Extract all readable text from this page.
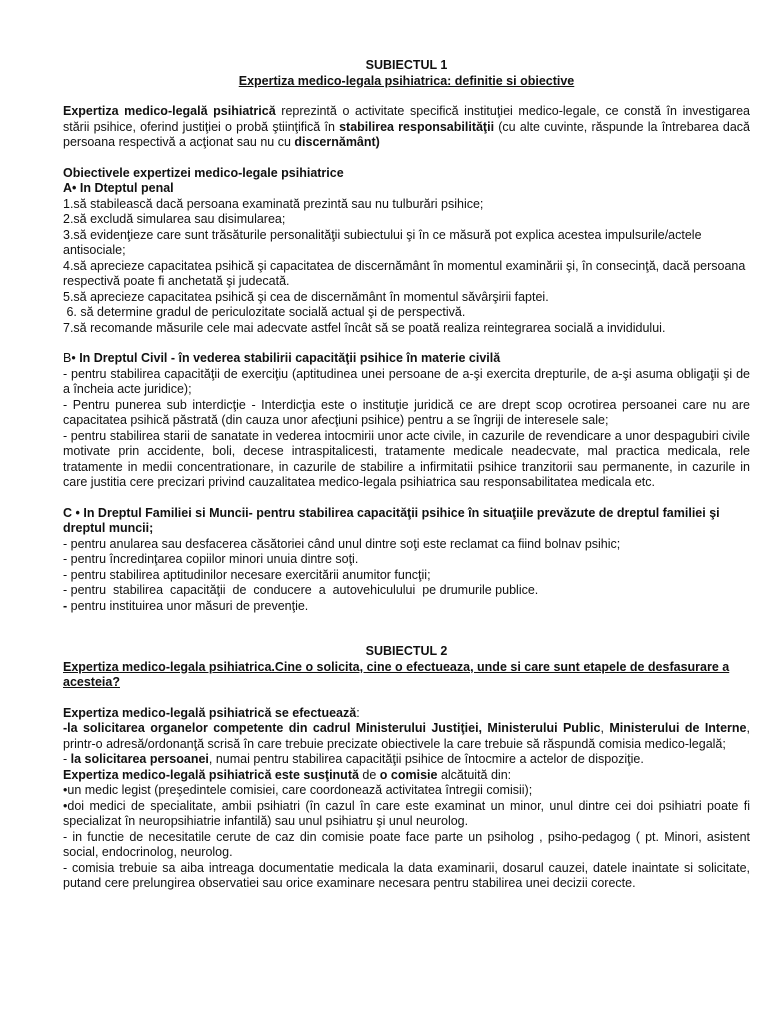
SUBIECTUL 1

Expertiza medico-legala psihiatrica: definitie si obiective

Expertiza medico-legală psihiatrică reprezintă o activitate specifică instituţiei medico-legale, ce constă în investigarea stării psihice, oferind justiţiei o probă ştiinţifică în stabilirea responsabilităţii (cu alte cuvinte, răspunde la întrebarea dacă persoana respectivă a acţionat sau nu cu discernământ)

Obiectivele expertizei medico-legale psihiatrice

A• In Dteptul penal

1.să stabilească dacă persoana examinată prezintă sau nu tulburări psihice;

2.să excludă simularea sau disimularea;

3.să evidenţieze care sunt trăsăturile personalităţii subiectului şi în ce măsură pot explica acestea impulsurile/actele antisociale;

4.să aprecieze capacitatea psihică şi capacitatea de discernământ în momentul examinării şi, în consecinţă, dacă persoana respectivă poate fi anchetată şi judecată.

5.să aprecieze capacitatea psihică şi cea de discernământ în momentul săvârşirii faptei.

6. să determine gradul de periculozitate socială actual şi de perspectivă.

7.să recomande măsurile cele mai adecvate astfel încât să se poată realiza reintegrarea socială a invididului.

B• In Dreptul Civil - în vederea stabilirii capacităţii psihice în materie civilă

- pentru stabilirea capacităţii de exerciţiu (aptitudinea unei persoane de a-şi exercita drepturile, de a-şi asuma obligaţii şi de a încheia acte juridice);

- Pentru punerea sub interdicţie - Interdicţia este o instituţie juridică ce are drept scop ocrotirea persoanei care nu are capacitatea psihică păstrată (din cauza unor afecţiuni psihice) pentru a se îngriji de interesele sale;

- pentru stabilirea starii de sanatate in vederea intocmirii unor acte civile, in cazurile de revendicare a unor despagubiri civile motivate prin accidente, boli, decese intraspitalicesti, tratamente medicale neadecvate, mal practica medicala, rele tratamente in medii concentrationare, in cazurile de stabilire a infirmitatii psihice tranzitorii sau permanente, in cazurile in care justitia cere precizari privind cauzalitatea medico-legala psihiatrica sau responsabilitatea medicala etc.

C • In Dreptul Familiei si Muncii- pentru stabilirea capacităţii psihice în situaţiile prevăzute de dreptul familiei şi dreptul muncii;

- pentru anularea sau desfacerea căsătoriei când unul dintre soţi este reclamat ca fiind bolnav psihic;

- pentru încredinţarea copiilor minori unuia dintre soţi.

- pentru stabilirea aptitudinilor necesare exercitării anumitor funcţii;

- pentru  stabilirea  capacităţii  de  conducere  a  autovehiculului  pe drumurile publice.

- pentru instituirea unor măsuri de prevenţie.

SUBIECTUL 2

Expertiza medico-legala psihiatrica.Cine o solicita, cine o efectueaza, unde si care sunt etapele de desfasurare a acesteia?

Expertiza medico-legală psihiatrică se efectuează:

-la solicitarea organelor competente din cadrul Ministerului Justiţiei, Ministerului Public, Ministerului de Interne, printr-o adresă/ordonanţă scrisă în care trebuie precizate obiectivele la care trebuie să răspundă comisia medico-legală;

- la solicitarea persoanei, numai pentru stabilirea capacităţii psihice de întocmire a actelor de dispoziţie.

Expertiza medico-legală psihiatrică este susţinută de o comisie alcătuită din:

•un medic legist (preşedintele comisiei, care coordonează activitatea întregii comisii);

•doi medici de specialitate, ambii psihiatri (în cazul în care este examinat un minor, unul dintre cei doi psihiatri poate fi specializat în neuropsihiatrie infantilă) sau unul psihiatru şi unul neurolog.

- in functie de necesitatile cerute de caz din comisie poate face parte un psiholog , psiho-pedagog ( pt. Minori, asistent social, endocrinolog, neurolog.

- comisia trebuie sa aiba intreaga documentatie medicala la data examinarii, dosarul cauzei, datele inaintate si solicitate, putand cere prelungirea observatiei sau orice examinare necesara pentru stabilirea unei decizii corecte.
